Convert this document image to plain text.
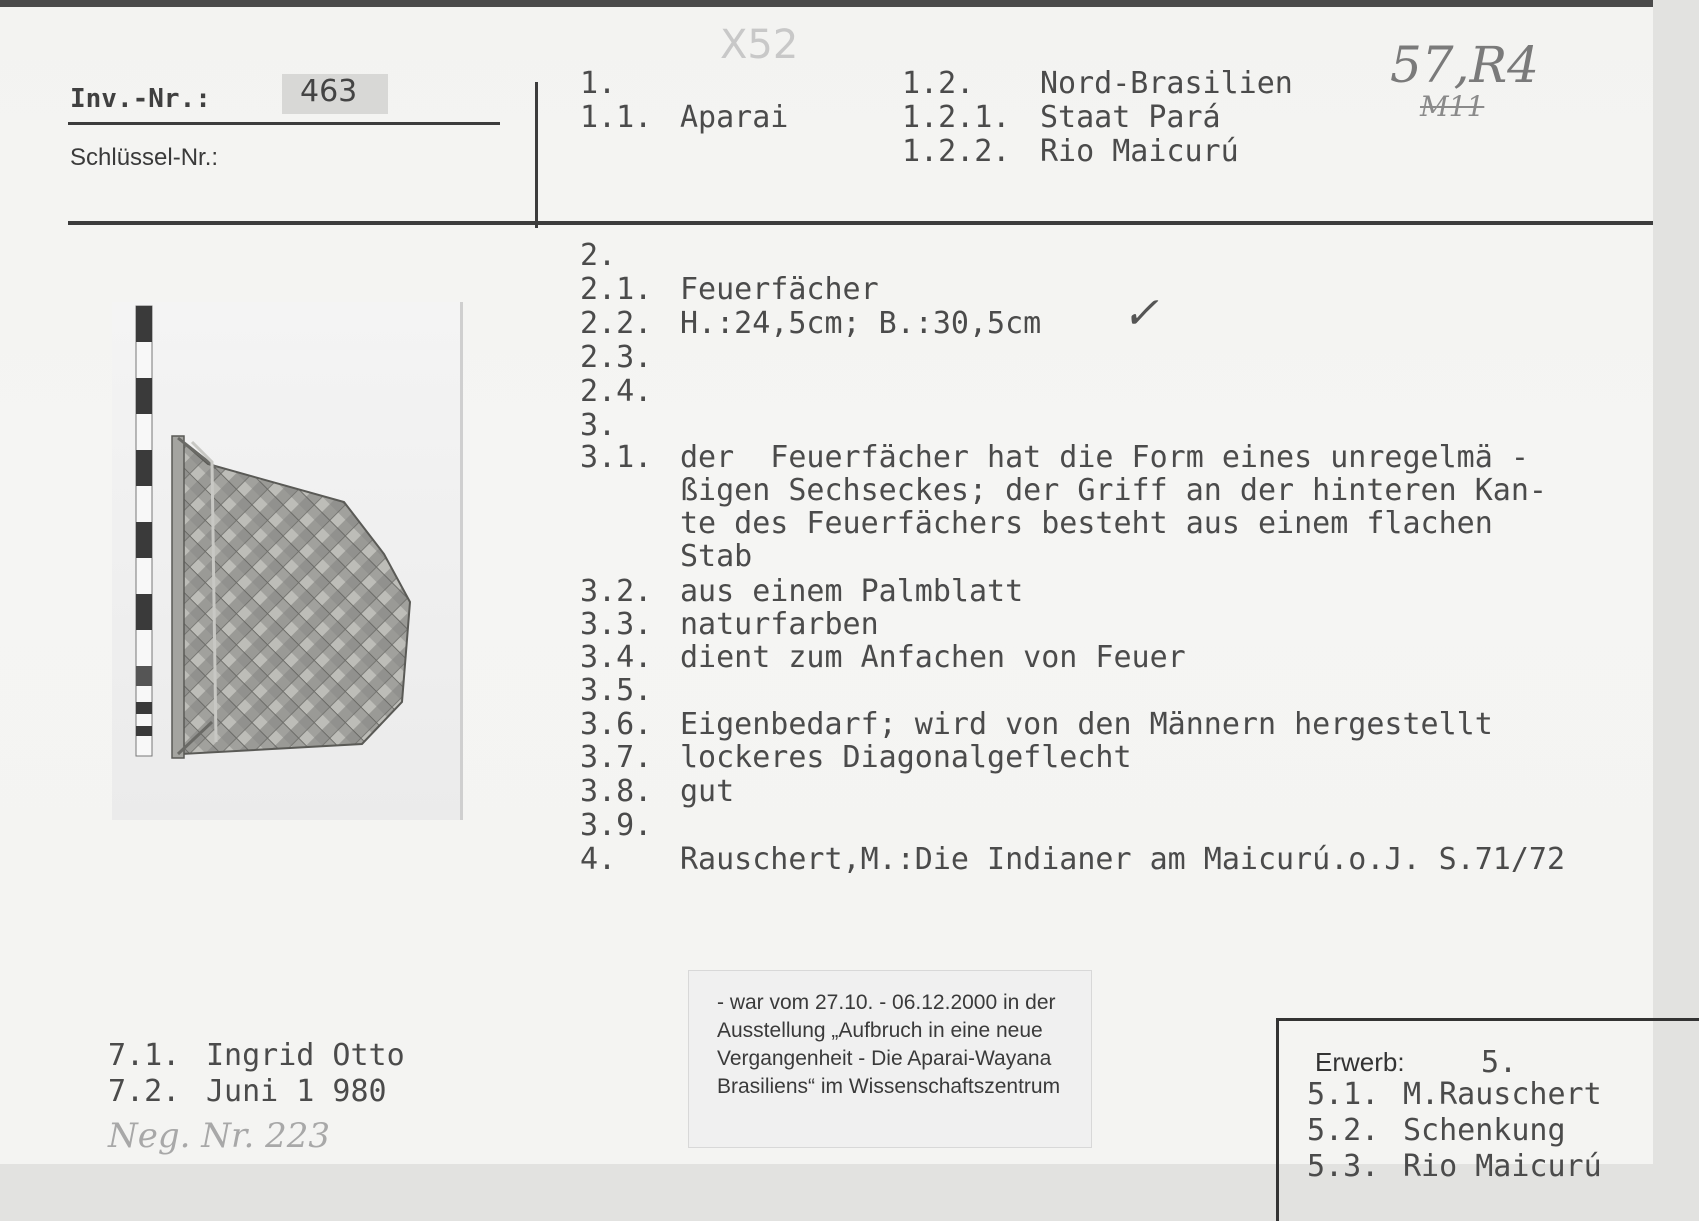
Inv.-Nr.:	463
Schlüssel-Nr.:
X52	57,R4
M11
1.
1.1. Aparai
1.2. Nord-Brasilien
1.2.1. Staat Pará
1.2.2. Rio Maicurú
2.
2.1. Feuerfächer
2.2. H.:24,5cm; B.:30,5cm ✓
2.3.
2.4.
3.
3.1. der  Feuerfächer hat die Form eines unregelmä -
ßigen Sechseckes; der Griff an der hinteren Kan-
te des Feuerfächers besteht aus einem flachen
Stab
3.2. aus einem Palmblatt
3.3. naturfarben
3.4. dient zum Anfachen von Feuer
3.5.
3.6. Eigenbedarf; wird von den Männern hergestellt
3.7. lockeres Diagonalgeflecht
3.8. gut
3.9.
4. Rauschert,M.:Die Indianer am Maicurú.o.J. S.71/72
7.1. Ingrid Otto
7.2. Juni 1 980
Neg. Nr. 223
- war vom 27.10. - 06.12.2000 in der Ausstellung „Aufbruch in eine neue Vergangenheit - Die Aparai-Wayana Brasiliens“ im Wissenschaftszentrum
Erwerb:	5.
5.1. M.Rauschert
5.2. Schenkung
5.3. Rio Maicurú
